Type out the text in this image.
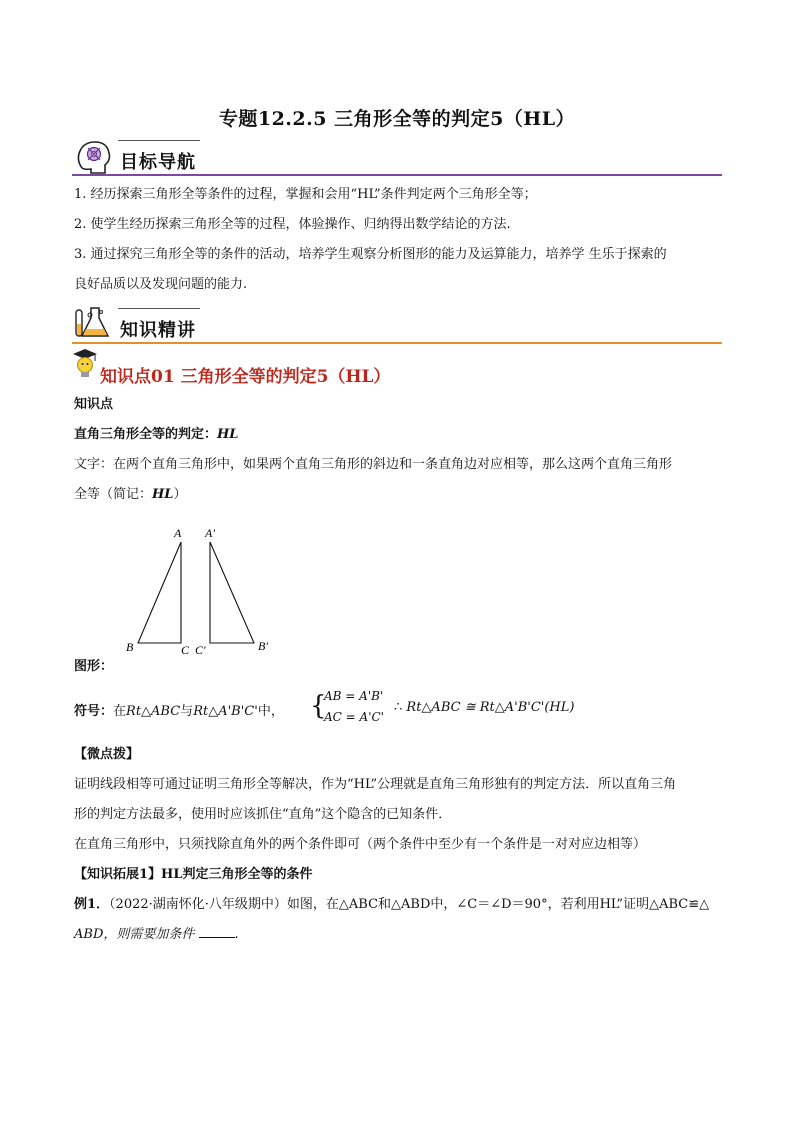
专题12.2.5 三角形全等的判定5（HL）
目标导航
1. 经历探索三角形全等条件的过程，掌握和会用“HL”条件判定两个三角形全等；
2. 使学生经历探索三角形全等的过程，体验操作、归纳得出数学结论的方法.
3. 通过探究三角形全等的条件的活动，培养学生观察分析图形的能力及运算能力，培养学 生乐于探索的
良好品质以及发现问题的能力.
知识精讲
知识点01 三角形全等的判定5（HL）
知识点
直角三角形全等的判定：HL
文字：在两个直角三角形中，如果两个直角三角形的斜边和一条直角边对应相等，那么这两个直角三角形
全等（简记：HL）
A
B	C
A′
B′
C′
图形：
符号：在Rt△ABC与Rt△A'B'C'中， {
AB = A'B'
AC = A'C'
∴ Rt△ABC ≅ Rt△A'B'C'(HL)
【微点拨】
证明线段相等可通过证明三角形全等解决，作为“HL”公理就是直角三角形独有的判定方法．所以直角三角
形的判定方法最多，使用时应该抓住“直角”这个隐含的已知条件．
在直角三角形中，只须找除直角外的两个条件即可（两个条件中至少有一个条件是一对对应边相等）
【知识拓展1】HL判定三角形全等的条件
例1．（2022·湖南怀化·八年级期中）如图，在△ABC和△ABD中，∠C＝∠D＝90°，若利用HL”证明△ABC≌△
ABD，则需要加条件	.
